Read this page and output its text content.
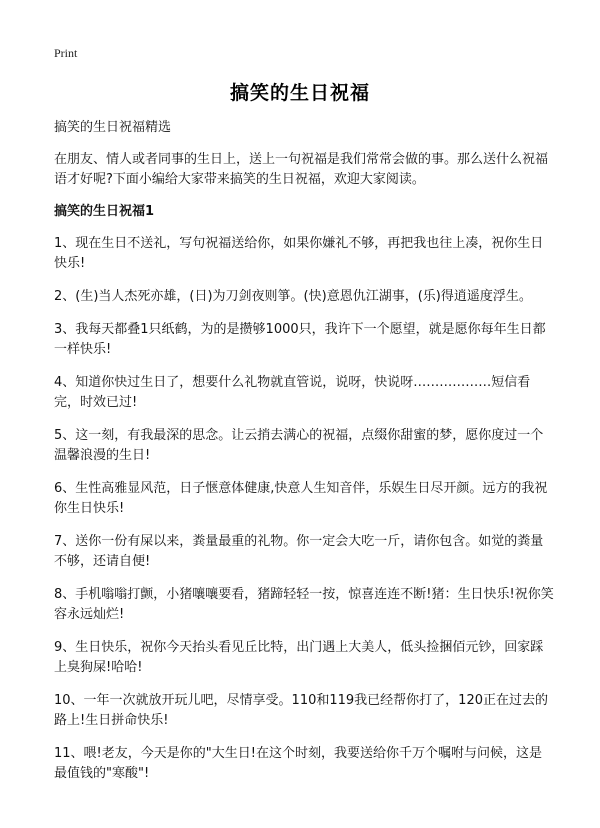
Print
搞笑的生日祝福

搞笑的生日祝福精选

在朋友、情人或者同事的生日上，送上一句祝福是我们常常会做的事。那么送什么祝福语才好呢?下面小编给大家带来搞笑的生日祝福，欢迎大家阅读。

搞笑的生日祝福1

1、现在生日不送礼，写句祝福送给你，如果你嫌礼不够，再把我也往上凑，祝你生日快乐!

2、(生)当人杰死亦雄，(日)为刀剑夜则箏。(快)意恩仇江湖事，(乐)得逍遥度浮生。

3、我每天都叠1只纸鹤，为的是攒够1000只，我许下一个愿望，就是愿你每年生日都一样快乐!

4、知道你快过生日了，想要什么礼物就直管说，说呀，快说呀………………短信看完，时效已过!

5、这一刻，有我最深的思念。让云捎去满心的祝福，点缀你甜蜜的梦，愿你度过一个温馨浪漫的生日!

6、生性高雅显风范，日子惬意体健康,快意人生知音伴，乐娱生日尽开颜。远方的我祝你生日快乐!

7、送你一份有屎以来，粪量最重的礼物。你一定会大吃一斤，请你包含。如觉的粪量不够，还请自便!

8、手机嗡嗡打颤，小猪嚷嚷要看，猪蹄轻轻一按，惊喜连连不断!猪：生日快乐!祝你笑容永远灿烂!

9、生日快乐，祝你今天抬头看见丘比特，出门遇上大美人，低头捡捆佰元钞，回家踩上臭狗屎!哈哈!

10、一年一次就放开玩儿吧，尽情享受。110和119我已经帮你打了，120正在过去的路上!生日拼命快乐!

11、喂!老友，今天是你的"大生日!在这个时刻，我要送给你千万个嘱咐与问候，这是最值钱的"寒酸"!
